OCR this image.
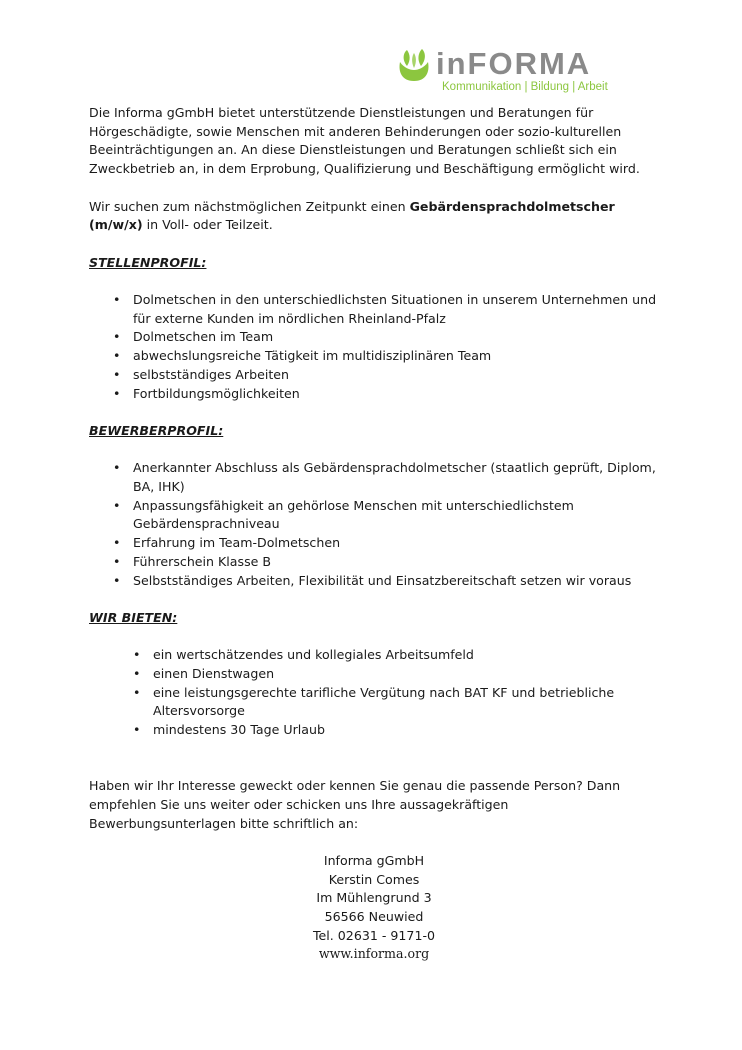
inFORMA
Kommunikation | Bildung | Arbeit

Die Informa gGmbH bietet unterstützende Dienstleistungen und Beratungen für Hörgeschädigte, sowie Menschen mit anderen Behinderungen oder sozio-kulturellen Beeinträchtigungen an. An diese Dienstleistungen und Beratungen schließt sich ein Zweckbetrieb an, in dem Erprobung, Qualifizierung und Beschäftigung ermöglicht wird.

Wir suchen zum nächstmöglichen Zeitpunkt einen Gebärdensprachdolmetscher (m/w/x) in Voll- oder Teilzeit.

STELLENPROFIL:
• Dolmetschen in den unterschiedlichsten Situationen in unserem Unternehmen und für externe Kunden im nördlichen Rheinland-Pfalz
• Dolmetschen im Team
• abwechslungsreiche Tätigkeit im multidisziplinären Team
• selbstständiges Arbeiten
• Fortbildungsmöglichkeiten
BEWERBERPROFIL:
• Anerkannter Abschluss als Gebärdensprachdolmetscher (staatlich geprüft, Diplom, BA, IHK)
• Anpassungsfähigkeit an gehörlose Menschen mit unterschiedlichstem Gebärdensprachniveau
• Erfahrung im Team-Dolmetschen
• Führerschein Klasse B
• Selbstständiges Arbeiten, Flexibilität und Einsatzbereitschaft setzen wir voraus
WIR BIETEN:
• ein wertschätzendes und kollegiales Arbeitsumfeld
• einen Dienstwagen
• eine leistungsgerechte tarifliche Vergütung nach BAT KF und betriebliche Altersvorsorge
• mindestens 30 Tage Urlaub

Haben wir Ihr Interesse geweckt oder kennen Sie genau die passende Person? Dann empfehlen Sie uns weiter oder schicken uns Ihre aussagekräftigen Bewerbungsunterlagen bitte schriftlich an:

Informa gGmbH
Kerstin Comes
Im Mühlengrund 3
56566 Neuwied
Tel. 02631 - 9171-0
www.informa.org
